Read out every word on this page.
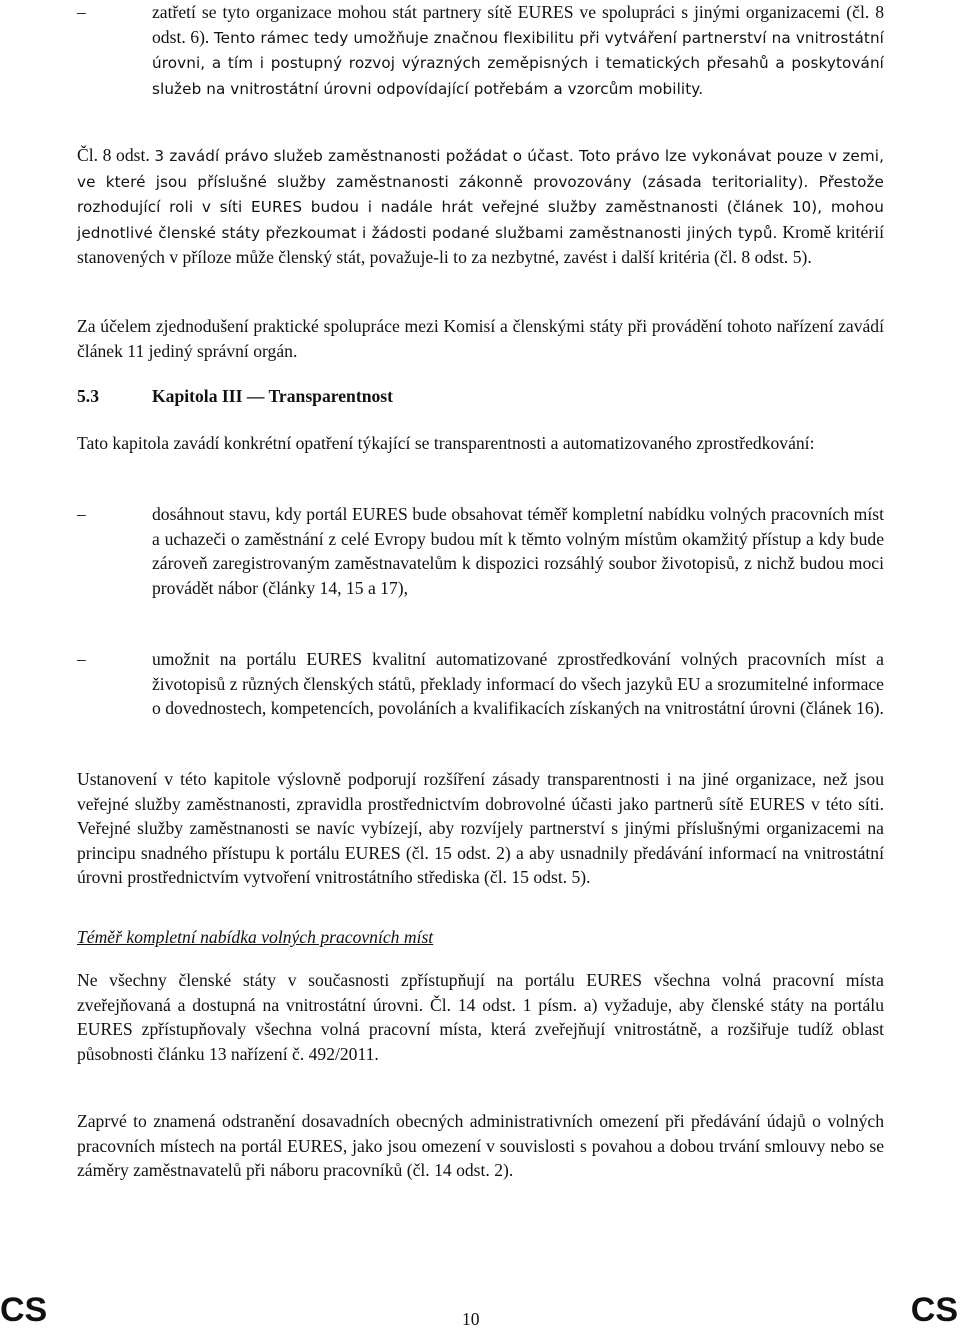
–	zatřetí se tyto organizace mohou stát partnery sítě EURES ve spolupráci s jinými organizacemi (čl. 8 odst. 6). Tento rámec tedy umožňuje značnou flexibilitu při vytváření partnerství na vnitrostátní úrovni, a tím i postupný rozvoj výrazných zeměpisných i tematických přesahů a poskytování služeb na vnitrostátní úrovni odpovídající potřebám a vzorcům mobility.

Čl. 8 odst. 3 zavádí právo služeb zaměstnanosti požádat o účast. Toto právo lze vykonávat pouze v zemi, ve které jsou příslušné služby zaměstnanosti zákonně provozovány (zásada teritoriality). Přestože rozhodující roli v síti EURES budou i nadále hrát veřejné služby zaměstnanosti (článek 10), mohou jednotlivé členské státy přezkoumat i žádosti podané službami zaměstnanosti jiných typů. Kromě kritérií stanovených v příloze může členský stát, považuje-li to za nezbytné, zavést i další kritéria (čl. 8 odst. 5).

Za účelem zjednodušení praktické spolupráce mezi Komisí a členskými státy při provádění tohoto nařízení zavádí článek 11 jediný správní orgán.

5.3	Kapitola III — Transparentnost

Tato kapitola zavádí konkrétní opatření týkající se transparentnosti a automatizovaného zprostředkování:

–	dosáhnout stavu, kdy portál EURES bude obsahovat téměř kompletní nabídku volných pracovních míst a uchazeči o zaměstnání z celé Evropy budou mít k těmto volným místům okamžitý přístup a kdy bude zároveň zaregistrovaným zaměstnavatelům k dispozici rozsáhlý soubor životopisů, z nichž budou moci provádět nábor (články 14, 15 a 17),

–	umožnit na portálu EURES kvalitní automatizované zprostředkování volných pracovních míst a životopisů z různých členských států, překlady informací do všech jazyků EU a srozumitelné informace o dovednostech, kompetencích, povoláních a kvalifikacích získaných na vnitrostátní úrovni (článek 16).

Ustanovení v této kapitole výslovně podporují rozšíření zásady transparentnosti i na jiné organizace, než jsou veřejné služby zaměstnanosti, zpravidla prostřednictvím dobrovolné účasti jako partnerů sítě EURES v této síti. Veřejné služby zaměstnanosti se navíc vybízejí, aby rozvíjely partnerství s jinými příslušnými organizacemi na principu snadného přístupu k portálu EURES (čl. 15 odst. 2) a aby usnadnily předávání informací na vnitrostátní úrovni prostřednictvím vytvoření vnitrostátního střediska (čl. 15 odst. 5).

Téměř kompletní nabídka volných pracovních míst

Ne všechny členské státy v současnosti zpřístupňují na portálu EURES všechna volná pracovní místa zveřejňovaná a dostupná na vnitrostátní úrovni. Čl. 14 odst. 1 písm. a) vyžaduje, aby členské státy na portálu EURES zpřístupňovaly všechna volná pracovní místa, která zveřejňují vnitrostátně, a rozšiřuje tudíž oblast působnosti článku 13 nařízení č. 492/2011.

Zaprvé to znamená odstranění dosavadních obecných administrativních omezení při předávání údajů o volných pracovních místech na portál EURES, jako jsou omezení v souvislosti s povahou a dobou trvání smlouvy nebo se záměry zaměstnavatelů při náboru pracovníků (čl. 14 odst. 2).

CS	10	CS
